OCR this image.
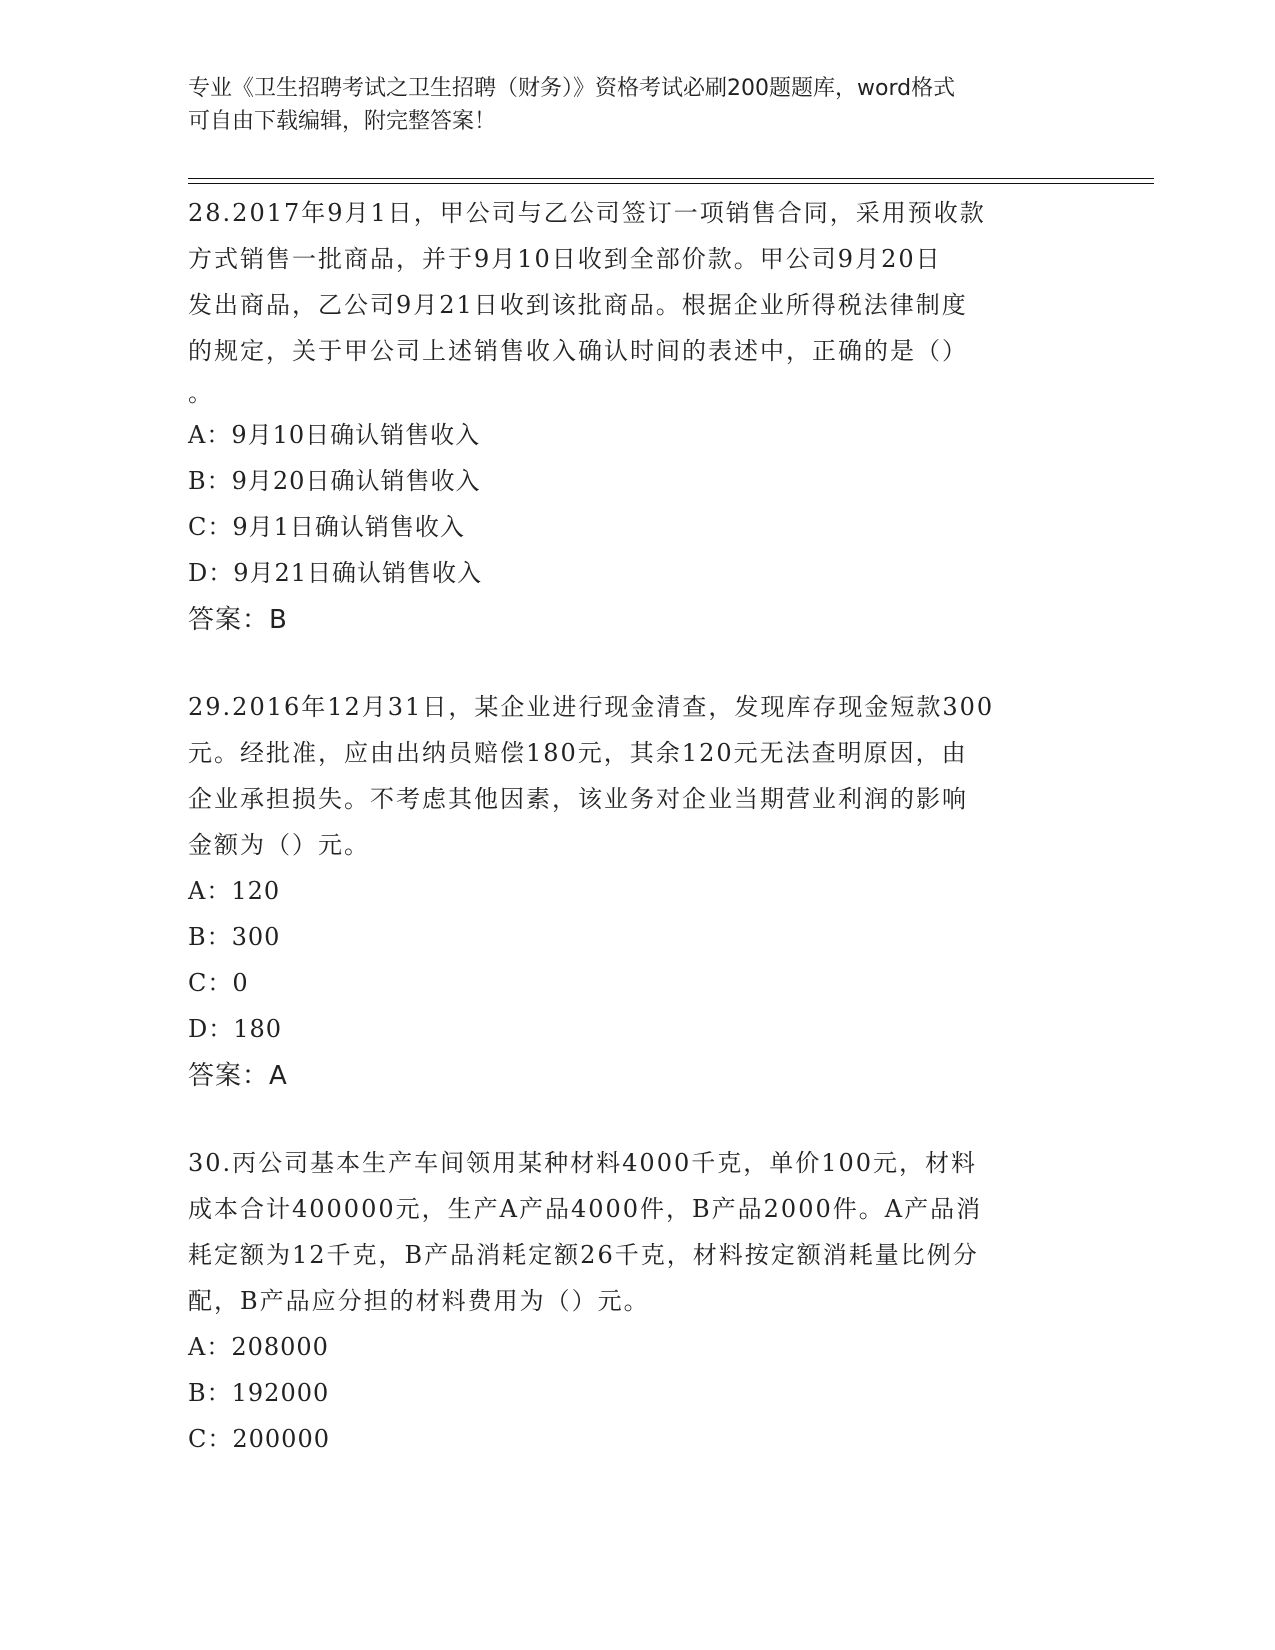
专业《卫生招聘考试之卫生招聘（财务）》资格考试必刷200题题库，word格式
可自由下载编辑，附完整答案！
28.2017年9月1日，甲公司与乙公司签订一项销售合同，采用预收款
方式销售一批商品，并于9月10日收到全部价款。甲公司9月20日
发出商品，乙公司9月21日收到该批商品。根据企业所得税法律制度
的规定，关于甲公司上述销售收入确认时间的表述中，正确的是（）
。
A：9月10日确认销售收入
B：9月20日确认销售收入
C：9月1日确认销售收入
D：9月21日确认销售收入
答案：B
29.2016年12月31日，某企业进行现金清查，发现库存现金短款300
元。经批准，应由出纳员赔偿180元，其余120元无法查明原因，由
企业承担损失。不考虑其他因素，该业务对企业当期营业利润的影响
金额为（）元。
A：120
B：300
C：0
D：180
答案：A
30.丙公司基本生产车间领用某种材料4000千克，单价100元，材料
成本合计400000元，生产A产品4000件，B产品2000件。A产品消
耗定额为12千克，B产品消耗定额26千克，材料按定额消耗量比例分
配，B产品应分担的材料费用为（）元。
A：208000
B：192000
C：200000
